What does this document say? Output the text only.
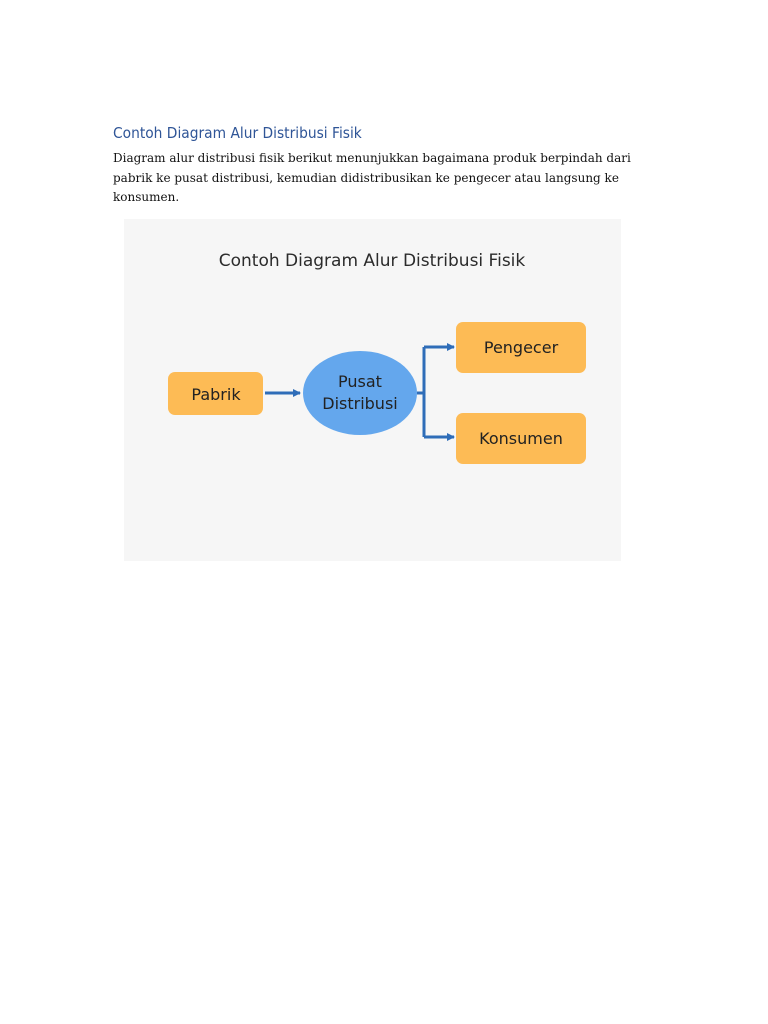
Contoh Diagram Alur Distribusi Fisik

Diagram alur distribusi fisik berikut menunjukkan bagaimana produk berpindah dari pabrik ke pusat distribusi, kemudian didistribusikan ke pengecer atau langsung ke konsumen.

Contoh Diagram Alur Distribusi Fisik
Pabrik
Pusat
Distribusi
Pengecer
Konsumen
